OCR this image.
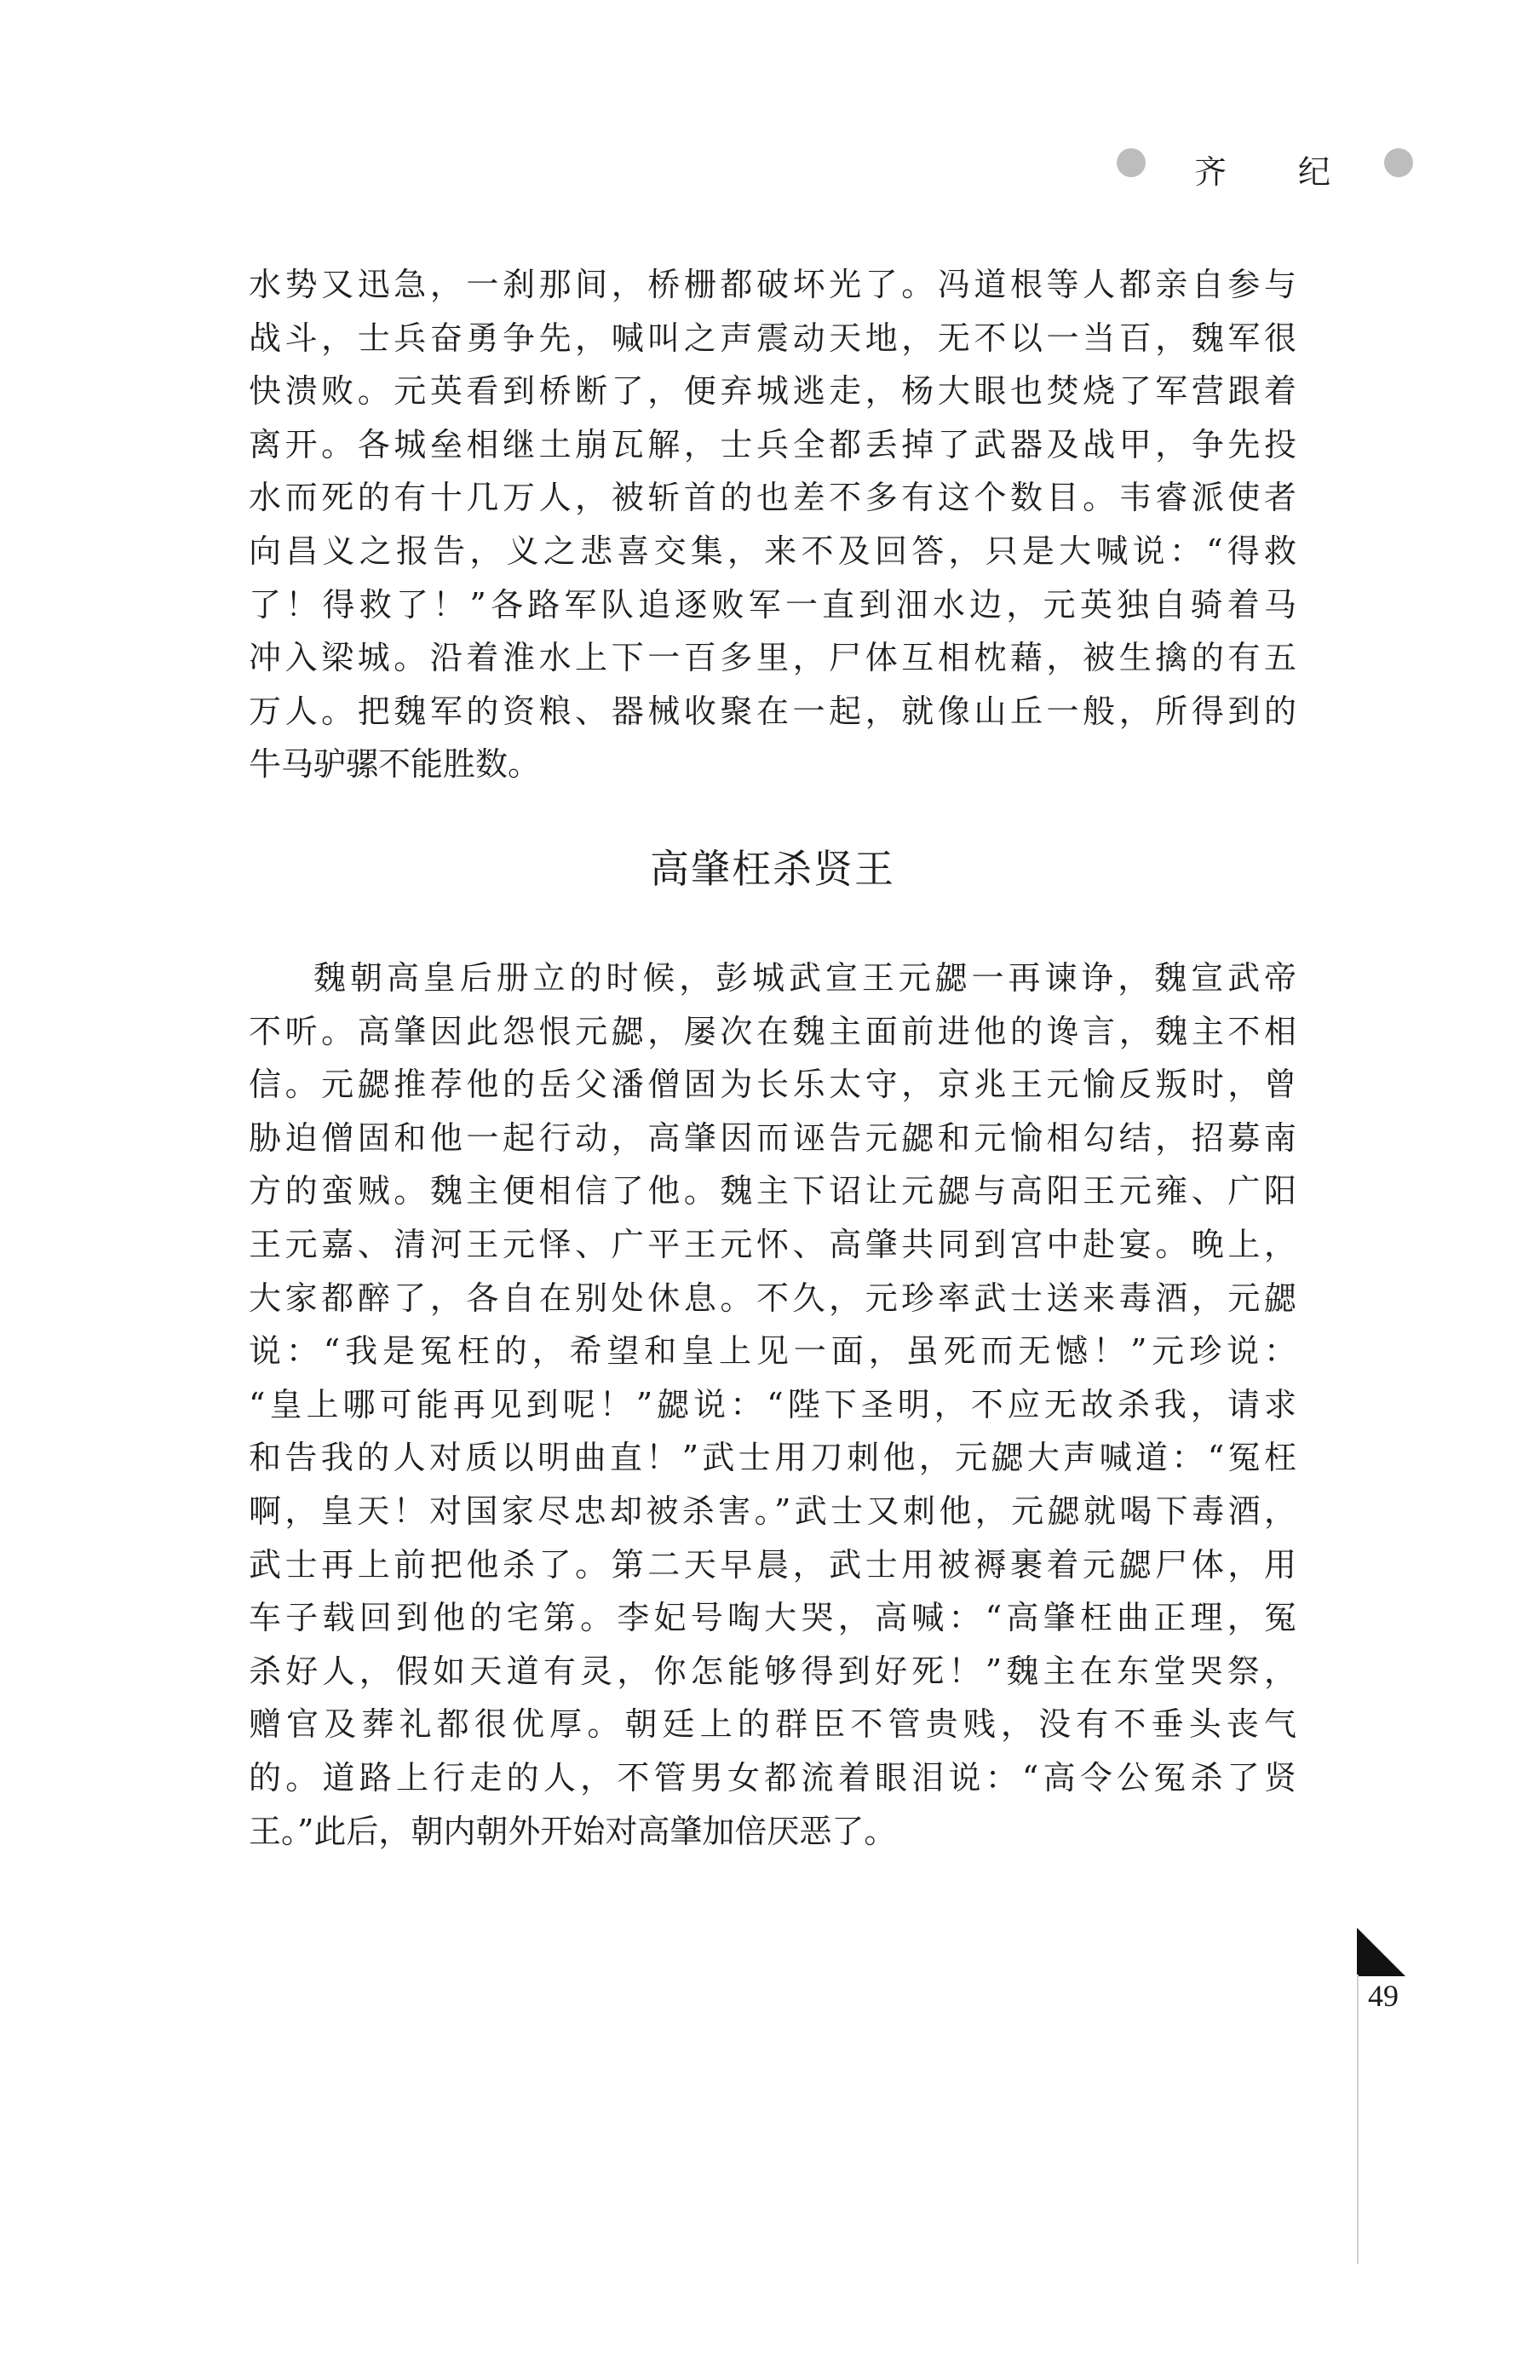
齐 纪
水势又迅急，一刹那间，桥栅都破坏光了。冯道根等人都亲自参与
战斗，士兵奋勇争先，喊叫之声震动天地，无不以一当百，魏军很
快溃败。元英看到桥断了，便弃城逃走，杨大眼也焚烧了军营跟着
离开。各城垒相继土崩瓦解，士兵全都丢掉了武器及战甲，争先投
水而死的有十几万人，被斩首的也差不多有这个数目。韦睿派使者
向昌义之报告，义之悲喜交集，来不及回答，只是大喊说：“得救
了！得救了！”各路军队追逐败军一直到沺水边，元英独自骑着马
冲入梁城。沿着淮水上下一百多里，尸体互相枕藉，被生擒的有五
万人。把魏军的资粮、器械收聚在一起，就像山丘一般，所得到的
牛马驴骡不能胜数。
高肇枉杀贤王
魏朝高皇后册立的时候，彭城武宣王元勰一再谏诤，魏宣武帝
不听。高肇因此怨恨元勰，屡次在魏主面前进他的谗言，魏主不相
信。元勰推荐他的岳父潘僧固为长乐太守，京兆王元愉反叛时，曾
胁迫僧固和他一起行动，高肇因而诬告元勰和元愉相勾结，招募南
方的蛮贼。魏主便相信了他。魏主下诏让元勰与高阳王元雍、广阳
王元嘉、清河王元怿、广平王元怀、高肇共同到宫中赴宴。晚上，
大家都醉了，各自在别处休息。不久，元珍率武士送来毒酒，元勰
说：“我是冤枉的，希望和皇上见一面，虽死而无憾！”元珍说：
“皇上哪可能再见到呢！”勰说：“陛下圣明，不应无故杀我，请求
和告我的人对质以明曲直！”武士用刀刺他，元勰大声喊道：“冤枉
啊，皇天！对国家尽忠却被杀害。”武士又刺他，元勰就喝下毒酒，
武士再上前把他杀了。第二天早晨，武士用被褥裹着元勰尸体，用
车子载回到他的宅第。李妃号啕大哭，高喊：“高肇枉曲正理，冤
杀好人，假如天道有灵，你怎能够得到好死！”魏主在东堂哭祭，
赠官及葬礼都很优厚。朝廷上的群臣不管贵贱，没有不垂头丧气
的。道路上行走的人，不管男女都流着眼泪说：“高令公冤杀了贤
王。”此后，朝内朝外开始对高肇加倍厌恶了。
49
